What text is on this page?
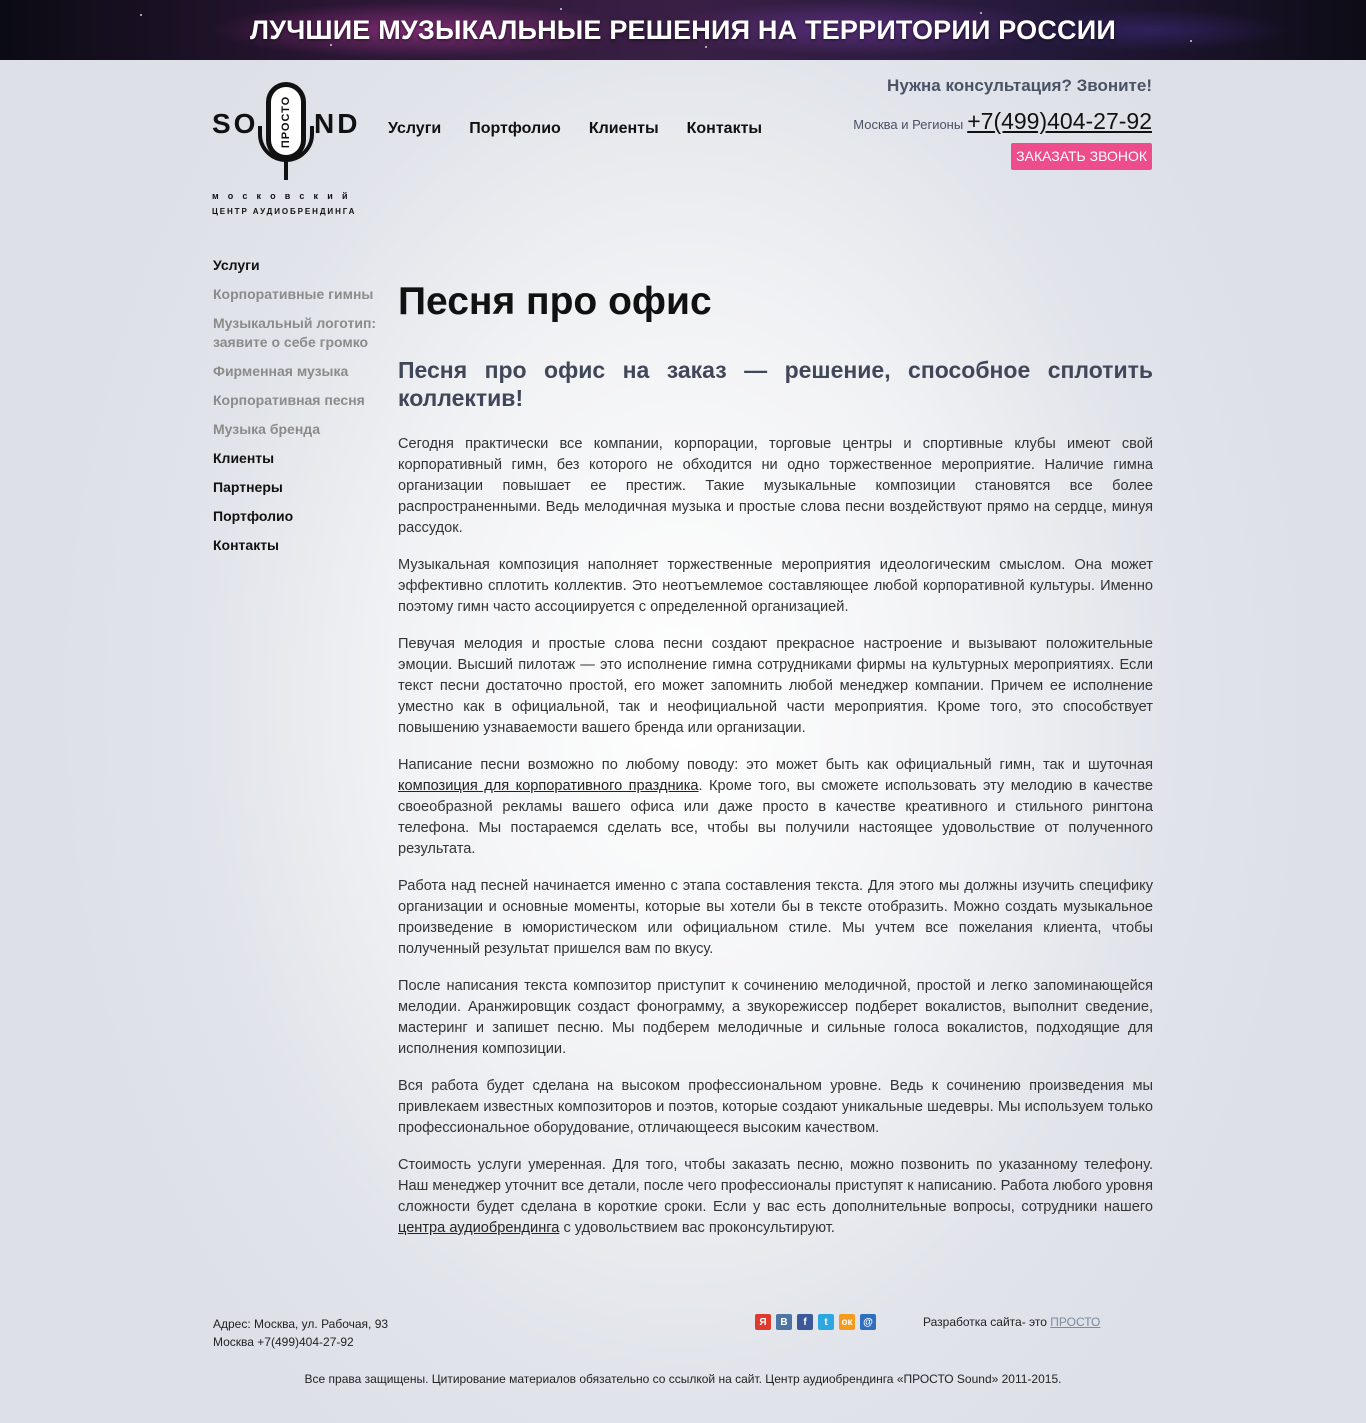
ЛУЧШИЕ МУЗЫКАЛЬНЫЕ РЕШЕНИЯ НА ТЕРРИТОРИИ РОССИИ
SO ПРОСТО ND
московский
ЦЕНТР АУДИОБРЕНДИНГА
Услуги Портфолио Клиенты Контакты
Нужна консультация? Звоните!
Москва и Регионы +7(499)404-27-92
ЗАКАЗАТЬ ЗВОНОК
Услуги
Корпоративные гимны
Музыкальный логотип: заявите о себе громко
Фирменная музыка
Корпоративная песня
Музыка бренда
Клиенты
Партнеры
Портфолио
Контакты
Песня про офис
Песня про офис на заказ — решение, способное сплотить коллектив!

Сегодня практически все компании, корпорации, торговые центры и спортивные клубы имеют свой корпоративный гимн, без которого не обходится ни одно торжественное мероприятие. Наличие гимна организации повышает ее престиж. Такие музыкальные композиции становятся все более распространенными. Ведь мелодичная музыка и простые слова песни воздействуют прямо на сердце, минуя рассудок.

Музыкальная композиция наполняет торжественные мероприятия идеологическим смыслом. Она может эффективно сплотить коллектив. Это неотъемлемое составляющее любой корпоративной культуры. Именно поэтому гимн часто ассоциируется с определенной организацией.

Певучая мелодия и простые слова песни создают прекрасное настроение и вызывают положительные эмоции. Высший пилотаж — это исполнение гимна сотрудниками фирмы на культурных мероприятиях. Если текст песни достаточно простой, его может запомнить любой менеджер компании. Причем ее исполнение уместно как в официальной, так и неофициальной части мероприятия. Кроме того, это способствует повышению узнаваемости вашего бренда или организации.

Написание песни возможно по любому поводу: это может быть как официальный гимн, так и шуточная композиция для корпоративного праздника. Кроме того, вы сможете использовать эту мелодию в качестве своеобразной рекламы вашего офиса или даже просто в качестве креативного и стильного рингтона телефона. Мы постараемся сделать все, чтобы вы получили настоящее удовольствие от полученного результата.

Работа над песней начинается именно с этапа составления текста. Для этого мы должны изучить специфику организации и основные моменты, которые вы хотели бы в тексте отобразить. Можно создать музыкальное произведение в юмористическом или официальном стиле. Мы учтем все пожелания клиента, чтобы полученный результат пришелся вам по вкусу.

После написания текста композитор приступит к сочинению мелодичной, простой и легко запоминающейся мелодии. Аранжировщик создаст фонограмму, а звукорежиссер подберет вокалистов, выполнит сведение, мастеринг и запишет песню. Мы подберем мелодичные и сильные голоса вокалистов, подходящие для исполнения композиции.

Вся работа будет сделана на высоком профессиональном уровне. Ведь к сочинению произведения мы привлекаем известных композиторов и поэтов, которые создают уникальные шедевры. Мы используем только профессиональное оборудование, отличающееся высоким качеством.

Стоимость услуги умеренная. Для того, чтобы заказать песню, можно позвонить по указанному телефону. Наш менеджер уточнит все детали, после чего профессионалы приступят к написанию. Работа любого уровня сложности будет сделана в короткие сроки. Если у вас есть дополнительные вопросы, сотрудники нашего центра аудиобрендинга с удовольствием вас проконсультируют.

Адрес: Москва, ул. Рабочая, 93
Москва +7(499)404-27-92
Я	В	f	t	ок	@	Разработка сайта- это ПРОСТО
Все права защищены. Цитирование материалов обязательно со ссылкой на сайт. Центр аудиобрендинга «ПРОСТО Sound» 2011-2015.
